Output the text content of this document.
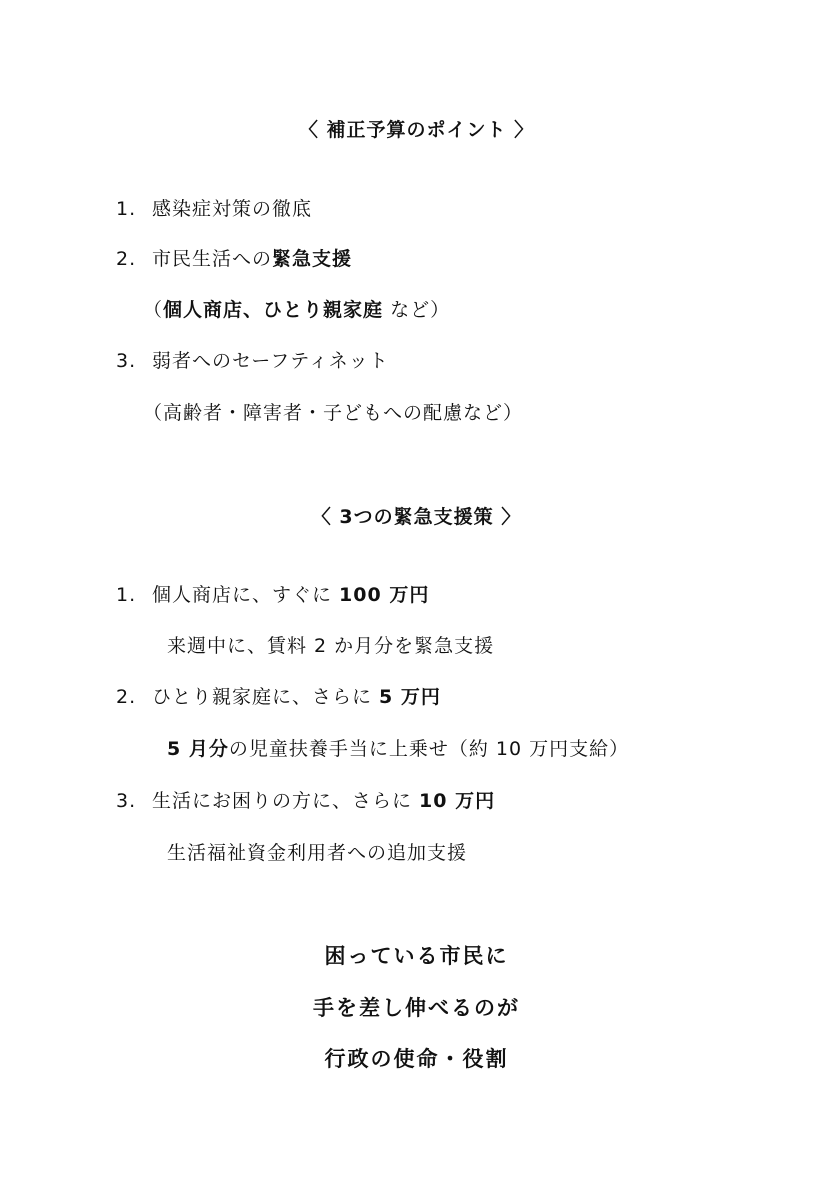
〈 補正予算のポイント 〉
1. 感染症対策の徹底
2. 市民生活への緊急支援
（個人商店、ひとり親家庭 など）
3. 弱者へのセーフティネット
（高齢者・障害者・子どもへの配慮など）
〈 3つの緊急支援策 〉
1. 個人商店に、すぐに 100 万円
来週中に、賃料 2 か月分を緊急支援
2. ひとり親家庭に、さらに 5 万円
5 月分の児童扶養手当に上乗せ（約 10 万円支給）
3. 生活にお困りの方に、さらに 10 万円
生活福祉資金利用者への追加支援
困っている市民に
手を差し伸べるのが
行政の使命・役割
